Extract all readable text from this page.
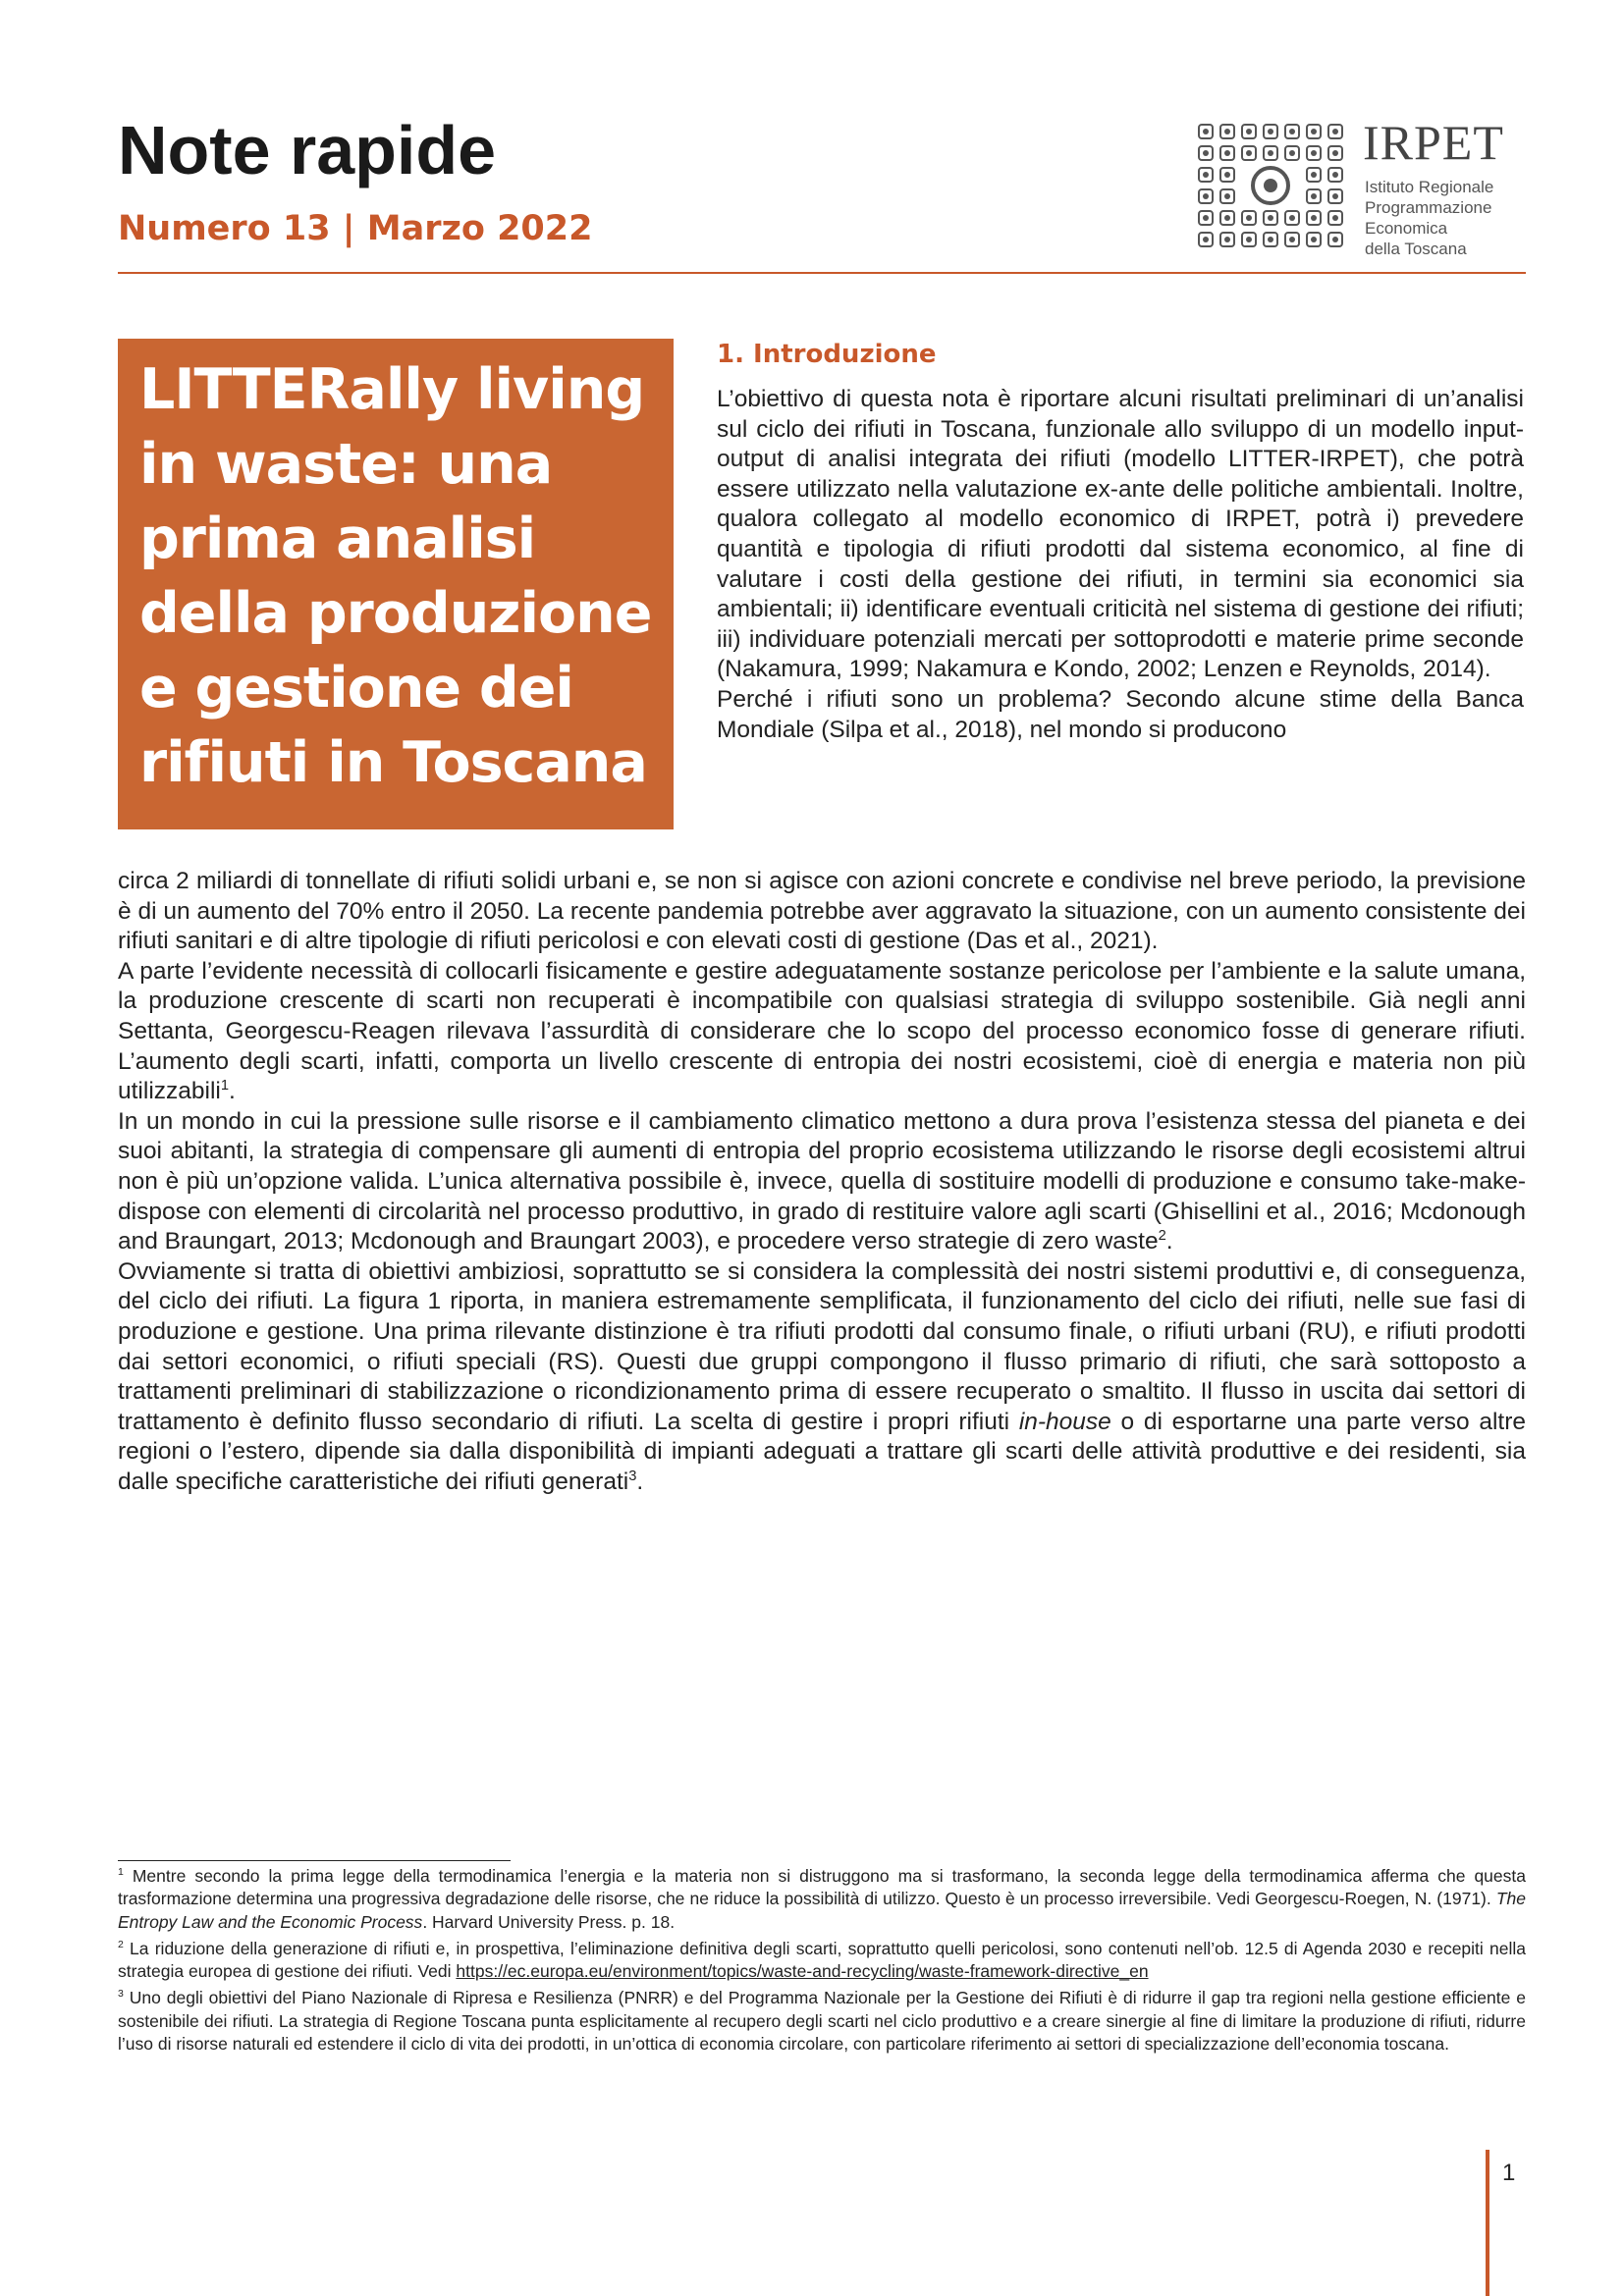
Note rapide
Numero 13 | Marzo 2022
IRPET
Istituto Regionale
Programmazione
Economica
della Toscana
LITTERally living in waste: una prima analisi della produzione e gestione dei rifiuti in Toscana
1. Introduzione

L’obiettivo di questa nota è riportare alcuni risultati preliminari di un’analisi sul ciclo dei rifiuti in Toscana, funzionale allo sviluppo di un modello input-output di analisi integrata dei rifiuti (modello LITTER-IRPET), che potrà essere utilizzato nella valutazione ex-ante delle politiche ambientali. Inoltre, qualora collegato al modello economico di IRPET, potrà i) prevedere quantità e tipologia di rifiuti prodotti dal sistema economico, al fine di valutare i costi della gestione dei rifiuti, in termini sia economici sia ambientali; ii) identificare eventuali criticità nel sistema di gestione dei rifiuti; iii) individuare potenziali mercati per sottoprodotti e materie prime seconde (Nakamura, 1999; Nakamura e Kondo, 2002; Lenzen e Reynolds, 2014).

Perché i rifiuti sono un problema? Secondo alcune stime della Banca Mondiale (Silpa et al., 2018), nel mondo si producono

circa 2 miliardi di tonnellate di rifiuti solidi urbani e, se non si agisce con azioni concrete e condivise nel breve periodo, la previsione è di un aumento del 70% entro il 2050. La recente pandemia potrebbe aver aggravato la situazione, con un aumento consistente dei rifiuti sanitari e di altre tipologie di rifiuti pericolosi e con elevati costi di gestione (Das et al., 2021).

A parte l’evidente necessità di collocarli fisicamente e gestire adeguatamente sostanze pericolose per l’ambiente e la salute umana, la produzione crescente di scarti non recuperati è incompatibile con qualsiasi strategia di sviluppo sostenibile. Già negli anni Settanta, Georgescu-Reagen rilevava l’assurdità di considerare che lo scopo del processo economico fosse di generare rifiuti. L’aumento degli scarti, infatti, comporta un livello crescente di entropia dei nostri ecosistemi, cioè di energia e materia non più utilizzabili$^1$.

In un mondo in cui la pressione sulle risorse e il cambiamento climatico mettono a dura prova l’esistenza stessa del pianeta e dei suoi abitanti, la strategia di compensare gli aumenti di entropia del proprio ecosistema utilizzando le risorse degli ecosistemi altrui non è più un’opzione valida. L’unica alternativa possibile è, invece, quella di sostituire modelli di produzione e consumo take-make-dispose con elementi di circolarità nel processo produttivo, in grado di restituire valore agli scarti (Ghisellini et al., 2016; Mcdonough and Braungart, 2013; Mcdonough and Braungart 2003), e procedere verso strategie di zero waste$^2$.

Ovviamente si tratta di obiettivi ambiziosi, soprattutto se si considera la complessità dei nostri sistemi produttivi e, di conseguenza, del ciclo dei rifiuti. La figura 1 riporta, in maniera estremamente semplificata, il funzionamento del ciclo dei rifiuti, nelle sue fasi di produzione e gestione. Una prima rilevante distinzione è tra rifiuti prodotti dal consumo finale, o rifiuti urbani (RU), e rifiuti prodotti dai settori economici, o rifiuti speciali (RS). Questi due gruppi compongono il flusso primario di rifiuti, che sarà sottoposto a trattamenti preliminari di stabilizzazione o ricondizionamento prima di essere recuperato o smaltito. Il flusso in uscita dai settori di trattamento è definito flusso secondario di rifiuti. La scelta di gestire i propri rifiuti in-house o di esportarne una parte verso altre regioni o l’estero, dipende sia dalla disponibilità di impianti adeguati a trattare gli scarti delle attività produttive e dei residenti, sia dalle specifiche caratteristiche dei rifiuti generati$^3$.

$^1$ Mentre secondo la prima legge della termodinamica l’energia e la materia non si distruggono ma si trasformano, la seconda legge della termodinamica afferma che questa trasformazione determina una progressiva degradazione delle risorse, che ne riduce la possibilità di utilizzo. Questo è un processo irreversibile. Vedi Georgescu-Roegen, N. (1971). The Entropy Law and the Economic Process. Harvard University Press. p. 18.

$^2$ La riduzione della generazione di rifiuti e, in prospettiva, l’eliminazione definitiva degli scarti, soprattutto quelli pericolosi, sono contenuti nell’ob. 12.5 di Agenda 2030 e recepiti nella strategia europea di gestione dei rifiuti. Vedi https://ec.europa.eu/environment/topics/waste-and-recycling/waste-framework-directive_en

$^3$ Uno degli obiettivi del Piano Nazionale di Ripresa e Resilienza (PNRR) e del Programma Nazionale per la Gestione dei Rifiuti è di ridurre il gap tra regioni nella gestione efficiente e sostenibile dei rifiuti. La strategia di Regione Toscana punta esplicitamente al recupero degli scarti nel ciclo produttivo e a creare sinergie al fine di limitare la produzione di rifiuti, ridurre l’uso di risorse naturali ed estendere il ciclo di vita dei prodotti, in un’ottica di economia circolare, con particolare riferimento ai settori di specializzazione dell’economia toscana.

1
